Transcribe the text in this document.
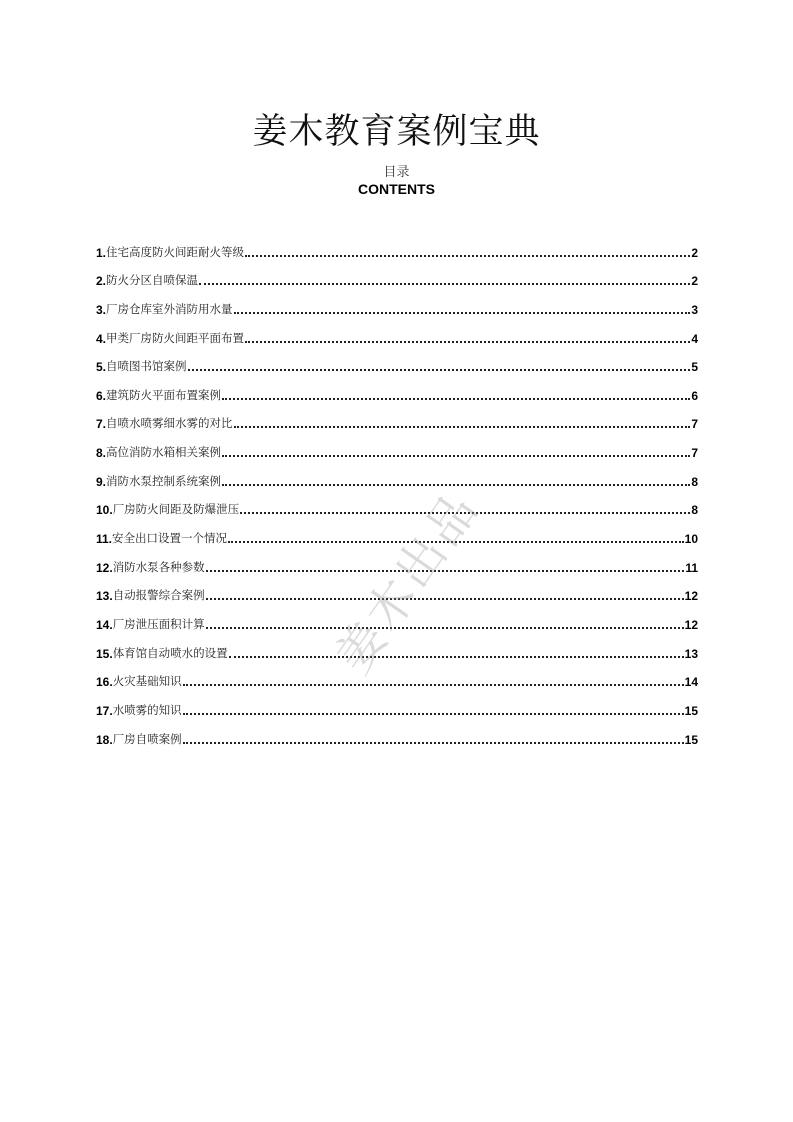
姜木教育案例宝典
目录
CONTENTS
1. 住宅高度防火间距耐火等级	2
2. 防火分区自喷保温	2
3. 厂房仓库室外消防用水量	3
4. 甲类厂房防火间距平面布置	4
5. 自喷图书馆案例	5
6. 建筑防火平面布置案例	6
7. 自喷水喷雾细水雾的对比	7
8. 高位消防水箱相关案例	7
9. 消防水泵控制系统案例	8
10. 厂房防火间距及防爆泄压	8
11. 安全出口设置一个情况	10
12. 消防水泵各种参数	11
13. 自动报警综合案例	12
14. 厂房泄压面积计算	12
15. 体育馆自动喷水的设置	13
16. 火灾基础知识	14
17. 水喷雾的知识	15
18. 厂房自喷案例	15
姜木出品
